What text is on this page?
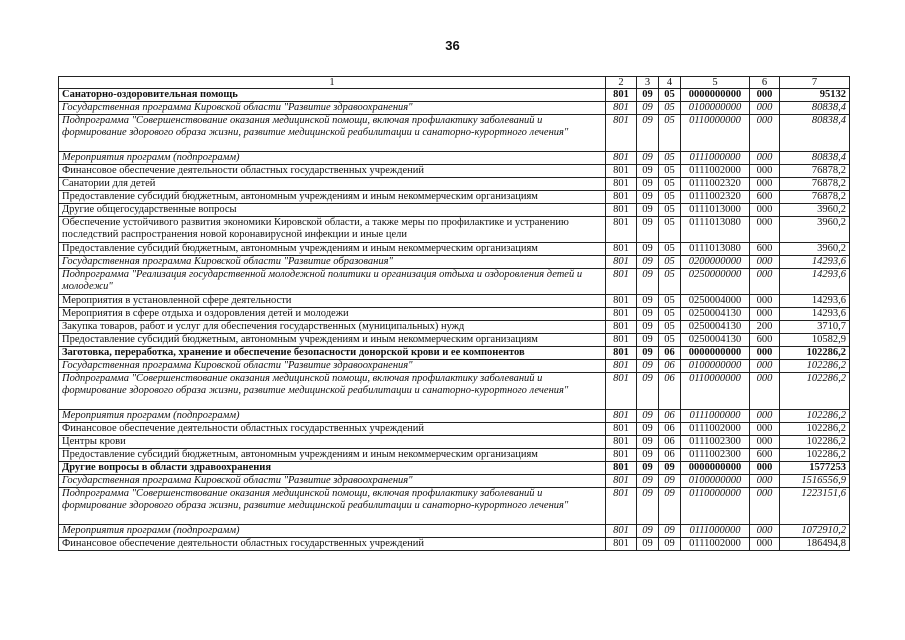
36
1	2	3	4	5	6	7
Санаторно-оздоровительная помощь	801	09	05	0000000000	000	95132
Государственная программа Кировской области "Развитие здравоохранения"	801	09	05	0100000000	000	80838,4
Подпрограмма "Совершенствование оказания медицинской помощи, включая профилактику заболеваний и формирование здорового образа жизни, развитие медицинской реабилитации и санаторно-курортного лечения"	801	09	05	0110000000	000	80838,4
Мероприятия программ (подпрограмм)	801	09	05	0111000000	000	80838,4
Финансовое обеспечение деятельности областных государственных учреждений	801	09	05	0111002000	000	76878,2
Санатории для детей	801	09	05	0111002320	000	76878,2
Предоставление субсидий бюджетным, автономным учреждениям и иным некоммерческим организациям	801	09	05	0111002320	600	76878,2
Другие общегосударственные вопросы	801	09	05	0111013000	000	3960,2
Обеспечение устойчивого развития экономики Кировской области, а также меры по профилактике и устранению последствий распространения новой коронавирусной инфекции и иные цели	801	09	05	0111013080	000	3960,2
Предоставление субсидий бюджетным, автономным учреждениям и иным некоммерческим организациям	801	09	05	0111013080	600	3960,2
Государственная программа Кировской области "Развитие образования"	801	09	05	0200000000	000	14293,6
Подпрограмма "Реализация государственной молодежной политики и организация отдыха и оздоровления детей и молодежи"	801	09	05	0250000000	000	14293,6
Мероприятия в установленной сфере деятельности	801	09	05	0250004000	000	14293,6
Мероприятия в сфере отдыха и оздоровления детей и молодежи	801	09	05	0250004130	000	14293,6
Закупка товаров, работ и услуг для обеспечения государственных (муниципальных) нужд	801	09	05	0250004130	200	3710,7
Предоставление субсидий бюджетным, автономным учреждениям и иным некоммерческим организациям	801	09	05	0250004130	600	10582,9
Заготовка, переработка, хранение и обеспечение безопасности донорской крови и ее компонентов	801	09	06	0000000000	000	102286,2
Государственная программа Кировской области "Развитие здравоохранения"	801	09	06	0100000000	000	102286,2
Подпрограмма "Совершенствование оказания медицинской помощи, включая профилактику заболеваний и формирование здорового образа жизни, развитие медицинской реабилитации и санаторно-курортного лечения"	801	09	06	0110000000	000	102286,2
Мероприятия программ (подпрограмм)	801	09	06	0111000000	000	102286,2
Финансовое обеспечение деятельности областных государственных учреждений	801	09	06	0111002000	000	102286,2
Центры крови	801	09	06	0111002300	000	102286,2
Предоставление субсидий бюджетным, автономным учреждениям и иным некоммерческим организациям	801	09	06	0111002300	600	102286,2
Другие вопросы в области здравоохранения	801	09	09	0000000000	000	1577253
Государственная программа Кировской области "Развитие здравоохранения"	801	09	09	0100000000	000	1516556,9
Подпрограмма "Совершенствование оказания медицинской помощи, включая профилактику заболеваний и формирование здорового образа жизни, развитие медицинской реабилитации и санаторно-курортного лечения"	801	09	09	0110000000	000	1223151,6
Мероприятия программ (подпрограмм)	801	09	09	0111000000	000	1072910,2
Финансовое обеспечение деятельности областных государственных учреждений	801	09	09	0111002000	000	186494,8
